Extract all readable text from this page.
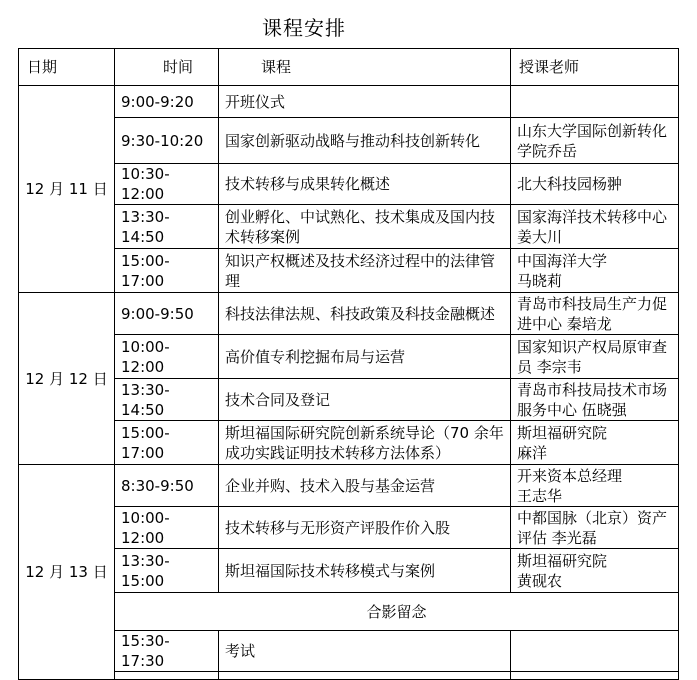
课程安排
日期	时间	课程	授课老师
12 月 11 日	9:00-9:20	开班仪式	
	9:30-10:20	国家创新驱动战略与推动科技创新转化	山东大学国际创新转化学院乔岳
	10:30-12:00	技术转移与成果转化概述	北大科技园杨翀
	13:30-14:50	创业孵化、中试熟化、技术集成及国内技术转移案例	国家海洋技术转移中心姜大川
	15:00-17:00	知识产权概述及技术经济过程中的法律管理	中国海洋大学
马晓莉
12 月 12 日	9:00-9:50	科技法律法规、科技政策及科技金融概述	青岛市科技局生产力促进中心 秦培龙
	10:00-12:00	高价值专利挖掘布局与运营	国家知识产权局原审查员 李宗韦
	13:30-14:50	技术合同及登记	青岛市科技局技术市场服务中心 伍晓强
	15:00-17:00	斯坦福国际研究院创新系统导论（70 余年成功实践证明技术转移方法体系）	斯坦福研究院
麻洋
12 月 13 日	8:30-9:50	企业并购、技术入股与基金运营	开来资本总经理
王志华
	10:00-12:00	技术转移与无形资产评股作价入股	中都国脉（北京）资产评估 李光磊
	13:30-15:00	斯坦福国际技术转移模式与案例	斯坦福研究院
黄砚农
	合影留念		
	15:30-17:30	考试	
